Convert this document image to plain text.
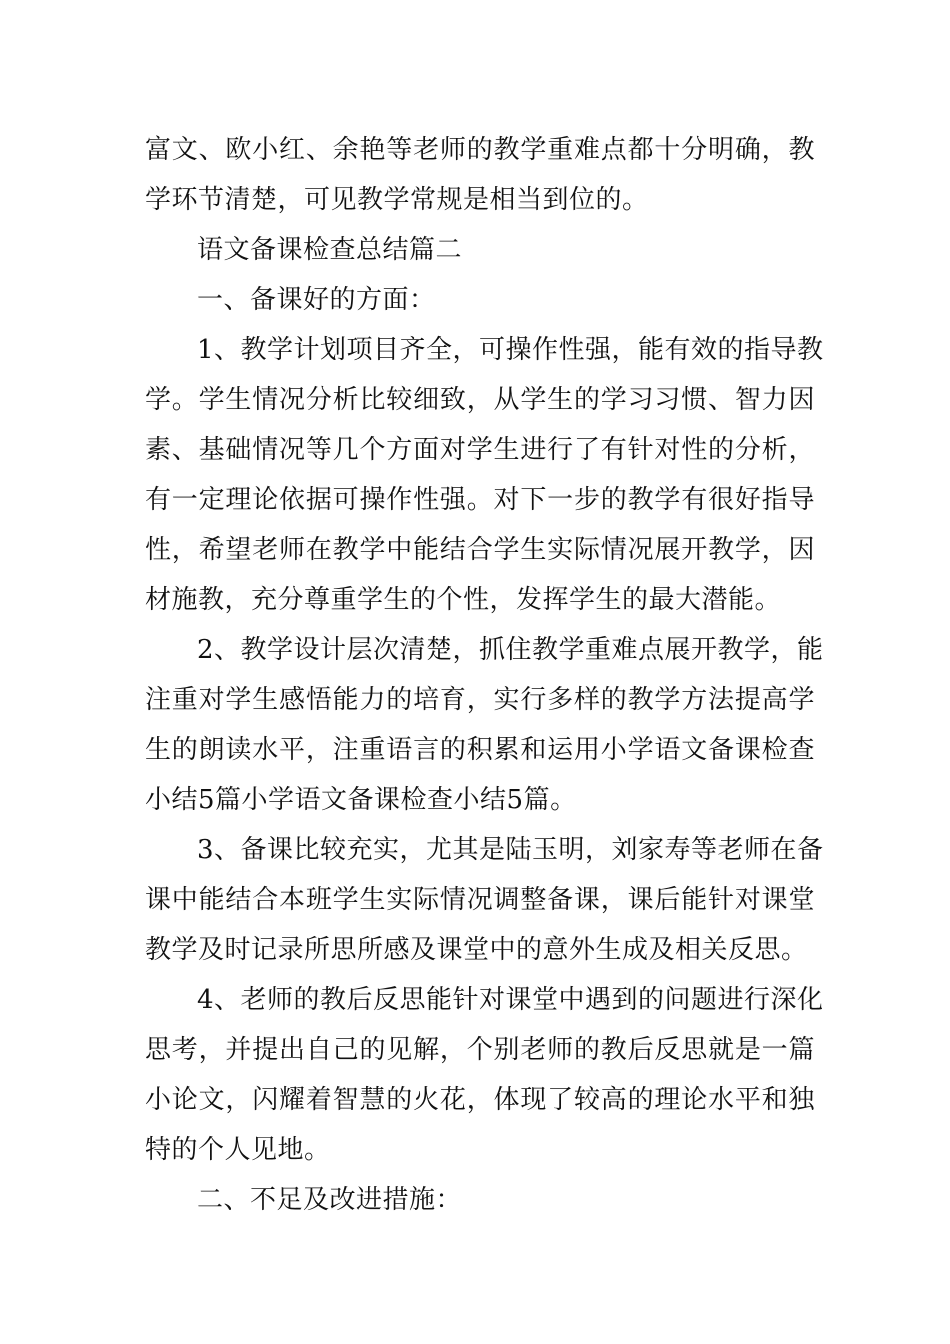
富文、欧小红、余艳等老师的教学重难点都十分明确，教
学环节清楚，可见教学常规是相当到位的。
语文备课检查总结篇二
一、备课好的方面：
1、教学计划项目齐全，可操作性强，能有效的指导教
学。学生情况分析比较细致，从学生的学习习惯、智力因
素、基础情况等几个方面对学生进行了有针对性的分析，
有一定理论依据可操作性强。对下一步的教学有很好指导
性，希望老师在教学中能结合学生实际情况展开教学，因
材施教，充分尊重学生的个性，发挥学生的最大潜能。
2、教学设计层次清楚，抓住教学重难点展开教学，能
注重对学生感悟能力的培育，实行多样的教学方法提高学
生的朗读水平，注重语言的积累和运用小学语文备课检查
小结5篇小学语文备课检查小结5篇。
3、备课比较充实，尤其是陆玉明，刘家寿等老师在备
课中能结合本班学生实际情况调整备课，课后能针对课堂
教学及时记录所思所感及课堂中的意外生成及相关反思。
4、老师的教后反思能针对课堂中遇到的问题进行深化
思考，并提出自己的见解，个别老师的教后反思就是一篇
小论文，闪耀着智慧的火花，体现了较高的理论水平和独
特的个人见地。
二、不足及改进措施：
